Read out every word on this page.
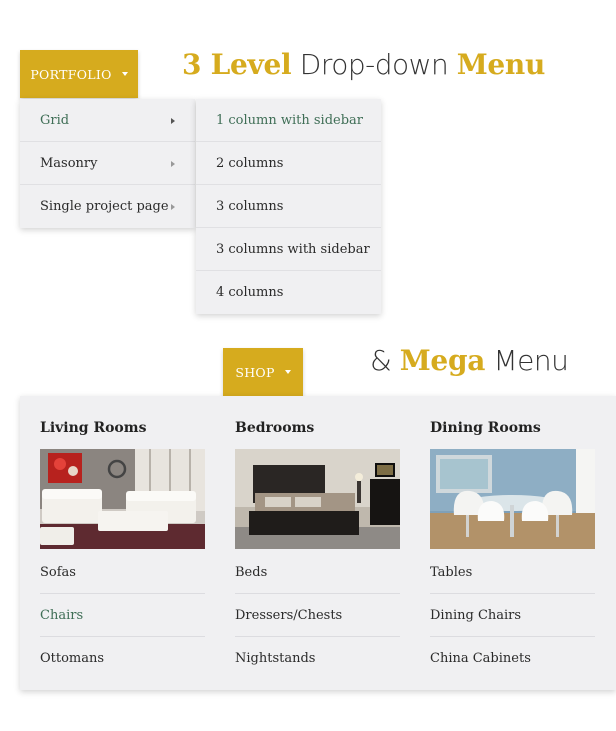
PORTFOLIO	3 Level Drop-down Menu
Grid
Masonry
Single project page
1 column with sidebar
2 columns
3 columns
3 columns with sidebar
4 columns
SHOP	& Mega Menu
Living Rooms
Sofas
Chairs
Ottomans
Bedrooms
Beds
Dressers/Chests
Nightstands
Dining Rooms
Tables
Dining Chairs
China Cabinets
